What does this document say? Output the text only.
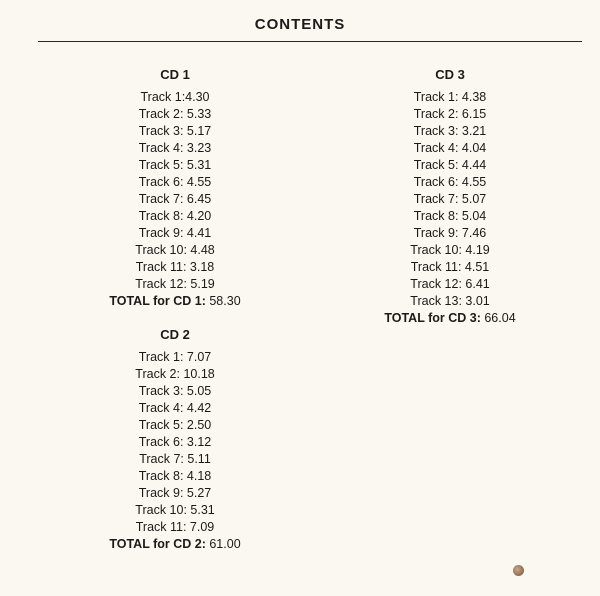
CONTENTS
CD 1
Track 1:4.30
Track 2: 5.33
Track 3: 5.17
Track 4: 3.23
Track 5: 5.31
Track 6: 4.55
Track 7: 6.45
Track 8: 4.20
Track 9: 4.41
Track 10: 4.48
Track 11: 3.18
Track 12: 5.19
TOTAL for CD 1: 58.30
CD 2
Track 1: 7.07
Track 2: 10.18
Track 3: 5.05
Track 4: 4.42
Track 5: 2.50
Track 6: 3.12
Track 7: 5.11
Track 8: 4.18
Track 9: 5.27
Track 10: 5.31
Track 11: 7.09
TOTAL for CD 2: 61.00
CD 3
Track 1: 4.38
Track 2: 6.15
Track 3: 3.21
Track 4: 4.04
Track 5: 4.44
Track 6: 4.55
Track 7: 5.07
Track 8: 5.04
Track 9: 7.46
Track 10: 4.19
Track 11: 4.51
Track 12: 6.41
Track 13: 3.01
TOTAL for CD 3: 66.04
